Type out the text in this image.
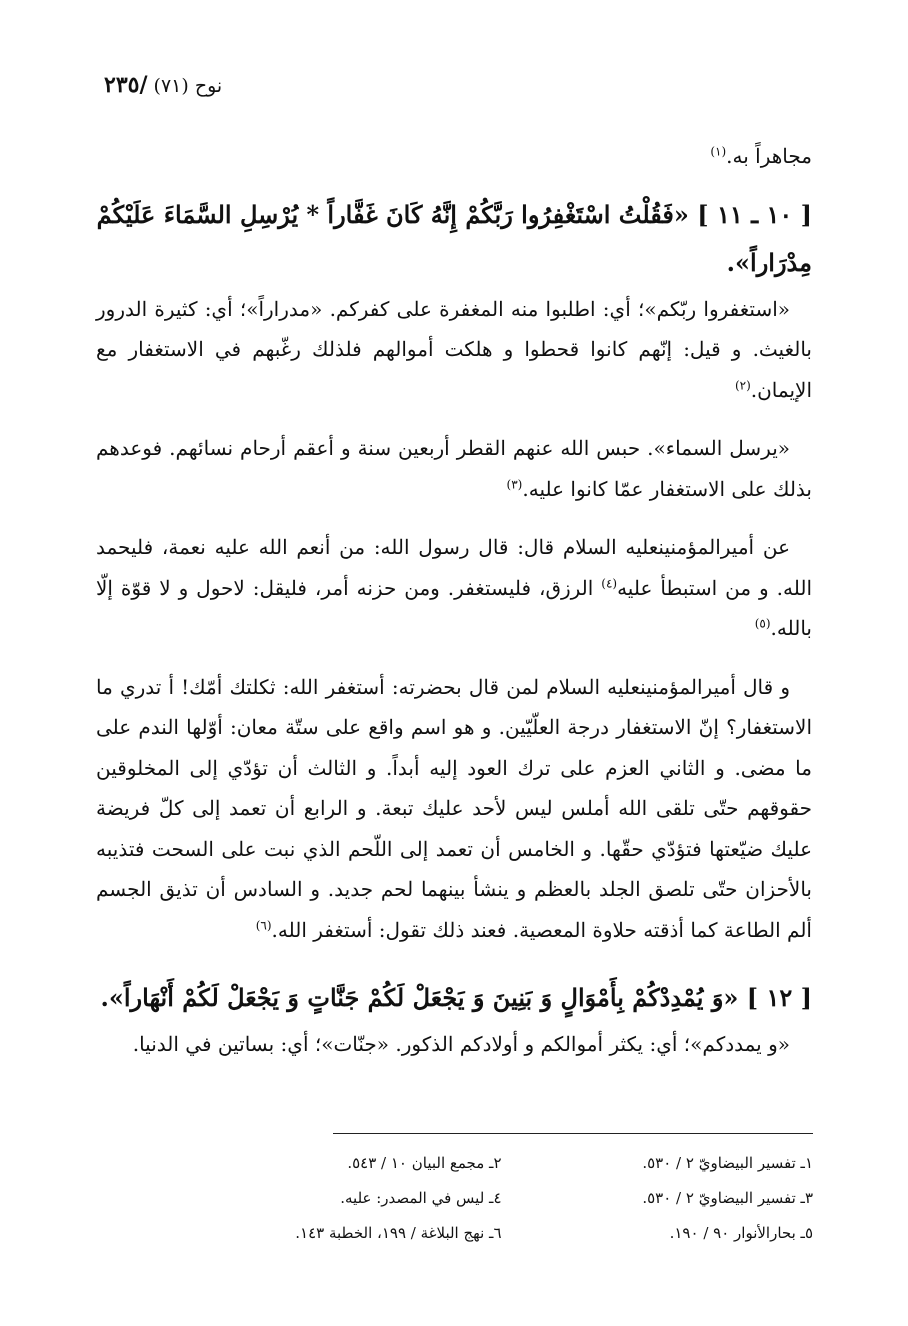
نوح (٧١) /٢٣٥

مجاهراً به.$^{(١)}$

[ ١٠ ـ ١١ ] «فَقُلْتُ اسْتَغْفِرُوا رَبَّكُمْ إِنَّهُ كَانَ غَفَّاراً * يُرْسِلِ السَّمَاءَ عَلَيْكُمْ مِدْرَاراً».

«استغفروا ربّكم»؛ أي: اطلبوا منه المغفرة على كفركم. «مدراراً»؛ أي: كثيرة الدرور بالغيث. و قيل: إنّهم كانوا قحطوا و هلكت أموالهم فلذلك رغّبهم في الاستغفار مع الإيمان.$^{(٢)}$

«يرسل السماء». حبس الله عنهم القطر أربعين سنة و أعقم أرحام نسائهم. فوعدهم بذلك على الاستغفار عمّا كانوا عليه.$^{(٣)}$

عن أميرالمؤمنينعليه السلام قال: قال رسول الله: من أنعم الله عليه نعمة، فليحمد الله. و من استبطأ عليه$^{(٤)}$ الرزق، فليستغفر. ومن حزنه أمر، فليقل: لاحول و لا قوّة إلّا بالله.$^{(٥)}$

و قال أميرالمؤمنينعليه السلام لمن قال بحضرته: أستغفر الله: ثكلتك أمّك! أ تدري ما الاستغفار؟ إنّ الاستغفار درجة العلّيّين. و هو اسم واقع على ستّة معان: أوّلها الندم على ما مضى. و الثاني العزم على ترك العود إليه أبداً. و الثالث أن تؤدّي إلى المخلوقين حقوقهم حتّى تلقى الله أملس ليس لأحد عليك تبعة. و الرابع أن تعمد إلى كلّ فريضة عليك ضيّعتها فتؤدّي حقّها. و الخامس أن تعمد إلى اللّحم الذي نبت على السحت فتذيبه بالأحزان حتّى تلصق الجلد بالعظم و ينشأ بينهما لحم جديد. و السادس أن تذيق الجسم ألم الطاعة كما أذقته حلاوة المعصية. فعند ذلك تقول: أستغفر الله.$^{(٦)}$

[ ١٢ ] «وَ يُمْدِدْكُمْ بِأَمْوَالٍ وَ بَنِينَ وَ يَجْعَلْ لَكُمْ جَنَّاتٍ وَ يَجْعَلْ لَكُمْ أَنْهَاراً».

«و يمددكم»؛ أي: يكثر أموالكم و أولادكم الذكور. «جنّات»؛ أي: بساتين في الدنيا.

١ـ تفسير البيضاويّ ٢ / ٥٣٠.
٢ـ مجمع البيان ١٠ / ٥٤٣.
٣ـ تفسير البيضاويّ ٢ / ٥٣٠.
٤ـ ليس في المصدر: عليه.
٥ـ بحارالأنوار ٩٠ / ١٩٠.
٦ـ نهج البلاغة / ١٩٩، الخطبة ١٤٣.
